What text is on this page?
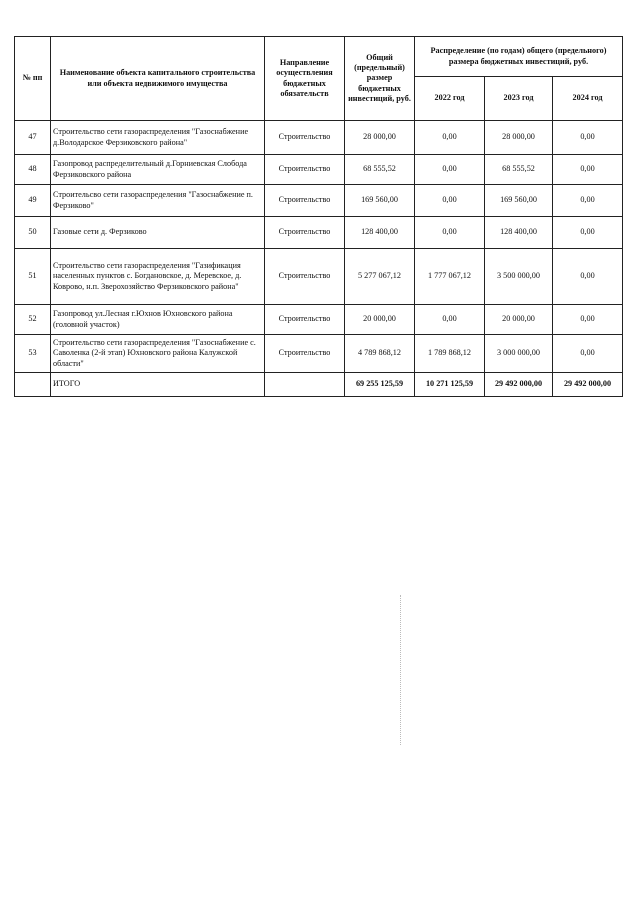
№ пп	Наименование объекта капитального строительства или объекта недвижимого имущества	Направление осуществления бюджетных обязательств	Общий (предельный) размер бюджетных инвестиций, руб.	Распределение (по годам) общего (предельного) размера бюджетных инвестиций, руб.		
				2022 год	2023 год	2024 год
47	Строительство сети газораспределения "Газоснабжение д.Володарское Ферзиковского района"	Строительство	28 000,00	0,00	28 000,00	0,00
48	Газопровод распределительный д.Горниевская Слобода Ферзиковского района	Строительство	68 555,52	0,00	68 555,52	0,00
49	Строительсво сети газораспределения "Газоснабжение п. Ферзиково"	Строительство	169 560,00	0,00	169 560,00	0,00
50	Газовые сети д. Ферзиково	Строительство	128 400,00	0,00	128 400,00	0,00
51	Строительство сети газораспределения "Газификация населенных пунктов с. Богдановское, д. Меревское, д. Коврово, н.п. Зверохозяйство Ферзиковского района"	Строительство	5 277 067,12	1 777 067,12	3 500 000,00	0,00
52	Газопровод ул.Лесная г.Юхнов Юхновского района (головной участок)	Строительство	20 000,00	0,00	20 000,00	0,00
53	Строительство сети газораспределения "Газоснабжение с. Саволенка (2-й этап) Юхновского района Калужской области"	Строительство	4 789 868,12	1 789 868,12	3 000 000,00	0,00
	ИТОГО		69 255 125,59	10 271 125,59	29 492 000,00	29 492 000,00
